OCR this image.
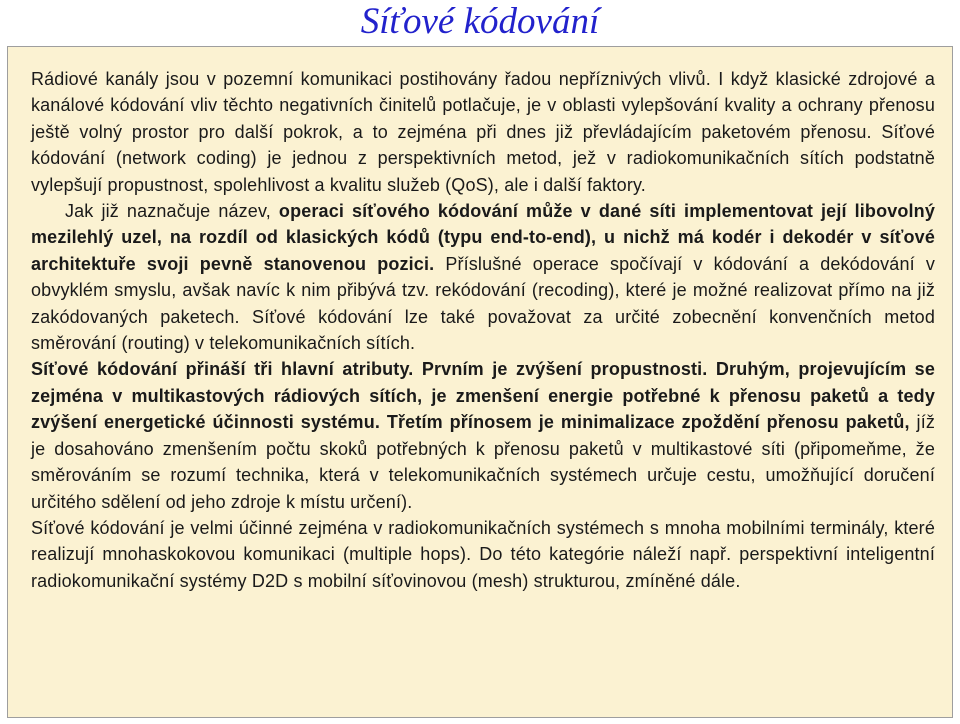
Síťové kódování

Rádiové kanály jsou v pozemní komunikaci postihovány řadou nepříznivých vlivů. I když klasické zdrojové a kanálové kódování vliv těchto negativních činitelů potlačuje, je v oblasti vylepšování kvality a ochrany přenosu ještě volný prostor pro další pokrok, a to zejména při dnes již převládajícím paketovém přenosu. Síťové kódování (network coding) je jednou z perspektivních metod, jež v radiokomunikačních sítích podstatně vylepšují propustnost, spolehlivost a kvalitu služeb (QoS), ale i další faktory.

Jak již naznačuje název, operaci síťového kódování může v dané síti implementovat její libovolný mezilehlý uzel, na rozdíl od klasických kódů (typu end-to-end), u nichž má kodér i dekodér v síťové architektuře svoji pevně stanovenou pozici. Příslušné operace spočívají v kódování a dekódování v obvyklém smyslu, avšak navíc k nim přibývá tzv. rekódování (recoding), které je možné realizovat přímo na již zakódovaných paketech. Síťové kódování lze také považovat za určité zobecnění konvenčních metod směrování (routing) v telekomunikačních sítích.

Síťové kódování přináší tři hlavní atributy. Prvním je zvýšení propustnosti. Druhým, projevujícím se zejména v multikastových rádiových sítích, je zmenšení energie potřebné k přenosu paketů a tedy zvýšení energetické účinnosti systému. Třetím přínosem je minimalizace zpoždění přenosu paketů, jíž je dosahováno zmenšením počtu skoků potřebných k přenosu paketů v multikastové síti (připomeňme, že směrováním se rozumí technika, která v telekomunikačních systémech určuje cestu, umožňující doručení určitého sdělení od jeho zdroje k místu určení).

Síťové kódování je velmi účinné zejména v radiokomunikačních systémech s mnoha mobilními terminály, které realizují mnohaskokovou komunikaci (multiple hops). Do této kategórie náleží např. perspektivní inteligentní radiokomunikační systémy D2D s mobilní síťovinovou (mesh) strukturou, zmíněné dále.
